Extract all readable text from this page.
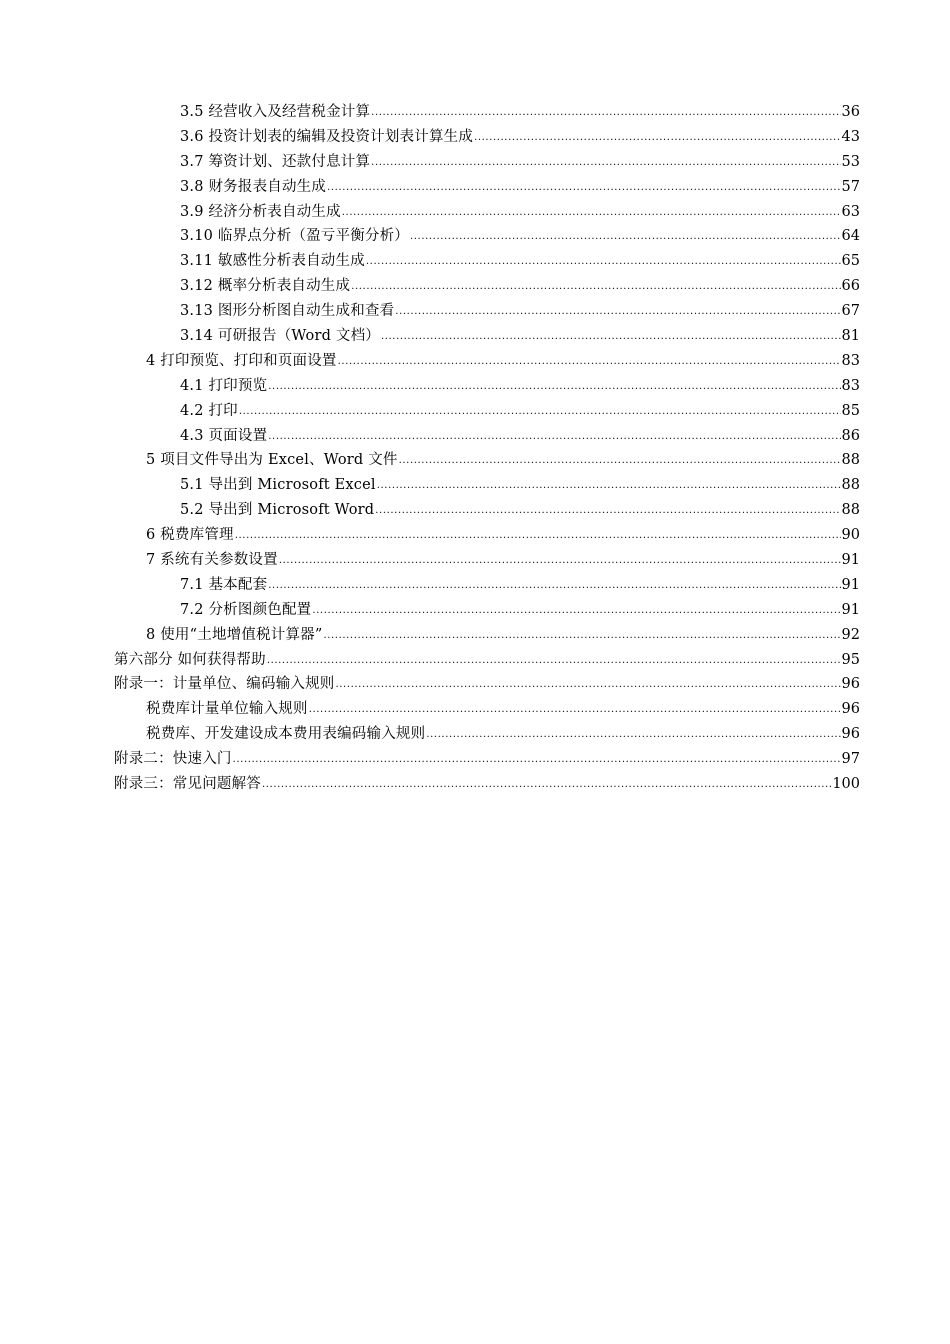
3.5 经营收入及经营税金计算 .....	36
3.6 投资计划表的编辑及投资计划表计算生成 .....	43
3.7 筹资计划、还款付息计算 .....	53
3.8 财务报表自动生成 .....	57
3.9 经济分析表自动生成 .....	63
3.10 临界点分析（盈亏平衡分析） .....	64
3.11 敏感性分析表自动生成 .....	65
3.12 概率分析表自动生成 .....	66
3.13 图形分析图自动生成和查看 .....	67
3.14 可研报告（Word 文档） .....	81
4 打印预览、打印和页面设置 .....	83
4.1 打印预览 .....	83
4.2 打印 .....	85
4.3 页面设置 .....	86
5 项目文件导出为 Excel、Word 文件 .....	88
5.1 导出到 Microsoft Excel .....	88
5.2 导出到 Microsoft Word .....	88
6 税费库管理 .....	90
7 系统有关参数设置 .....	91
7.1 基本配套 .....	91
7.2 分析图颜色配置 .....	91
8 使用“土地增值税计算器” .....	92
第六部分 如何获得帮助 .....	95
附录一：计量单位、编码输入规则 .....	96
税费库计量单位输入规则 .....	96
税费库、开发建设成本费用表编码输入规则 .....	96
附录二：快速入门 .....	97
附录三：常见问题解答 .....	100
